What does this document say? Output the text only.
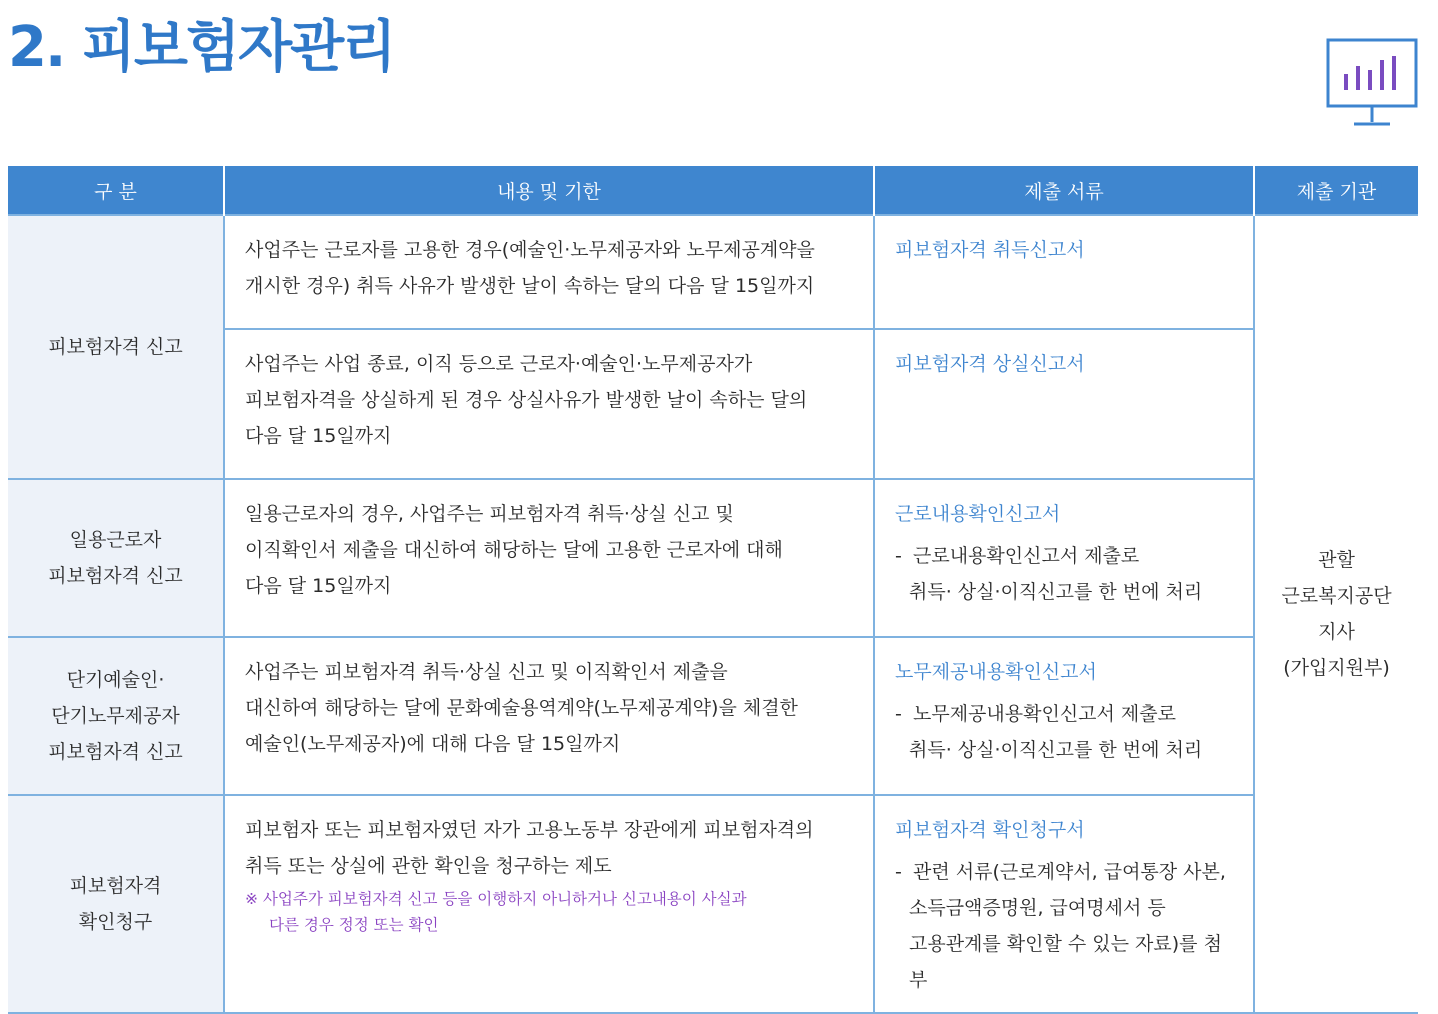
2. 피보험자관리
구 분	내용 및 기한	제출 서류	제출 기관

피보험자격 신고	사업주는 근로자를 고용한 경우(예술인·노무제공자와 노무제공계약을
개시한 경우) 취득 사유가 발생한 날이 속하는 달의 다음 달 15일까지	피보험자격 취득신고서	관할
근로복지공단
지사
(가입지원부)

	사업주는 사업 종료, 이직 등으로 근로자·예술인·노무제공자가
피보험자격을 상실하게 된 경우 상실사유가 발생한 날이 속하는 달의
다음 달 15일까지	피보험자격 상실신고서	

일용근로자
피보험자격 신고	일용근로자의 경우, 사업주는 피보험자격 취득·상실 신고 및
이직확인서 제출을 대신하여 해당하는 달에 고용한 근로자에 대해
다음 달 15일까지	근로내용확인신고서
- 근로내용확인신고서 제출로
취득· 상실·이직신고를 한 번에 처리	

단기예술인·
단기노무제공자
피보험자격 신고	사업주는 피보험자격 취득·상실 신고 및 이직확인서 제출을
대신하여 해당하는 달에 문화예술용역계약(노무제공계약)을 체결한
예술인(노무제공자)에 대해 다음 달 15일까지	노무제공내용확인신고서
- 노무제공내용확인신고서 제출로
취득· 상실·이직신고를 한 번에 처리	

피보험자격
확인청구	피보험자 또는 피보험자였던 자가 고용노동부 장관에게 피보험자격의
취득 또는 상실에 관한 확인을 청구하는 제도
※ 사업주가 피보험자격 신고 등을 이행하지 아니하거나 신고내용이 사실과
다른 경우 정정 또는 확인	피보험자격 확인청구서
- 관련 서류(근로계약서, 급여통장 사본,
소득금액증명원, 급여명세서 등
고용관계를 확인할 수 있는 자료)를 첨부	
